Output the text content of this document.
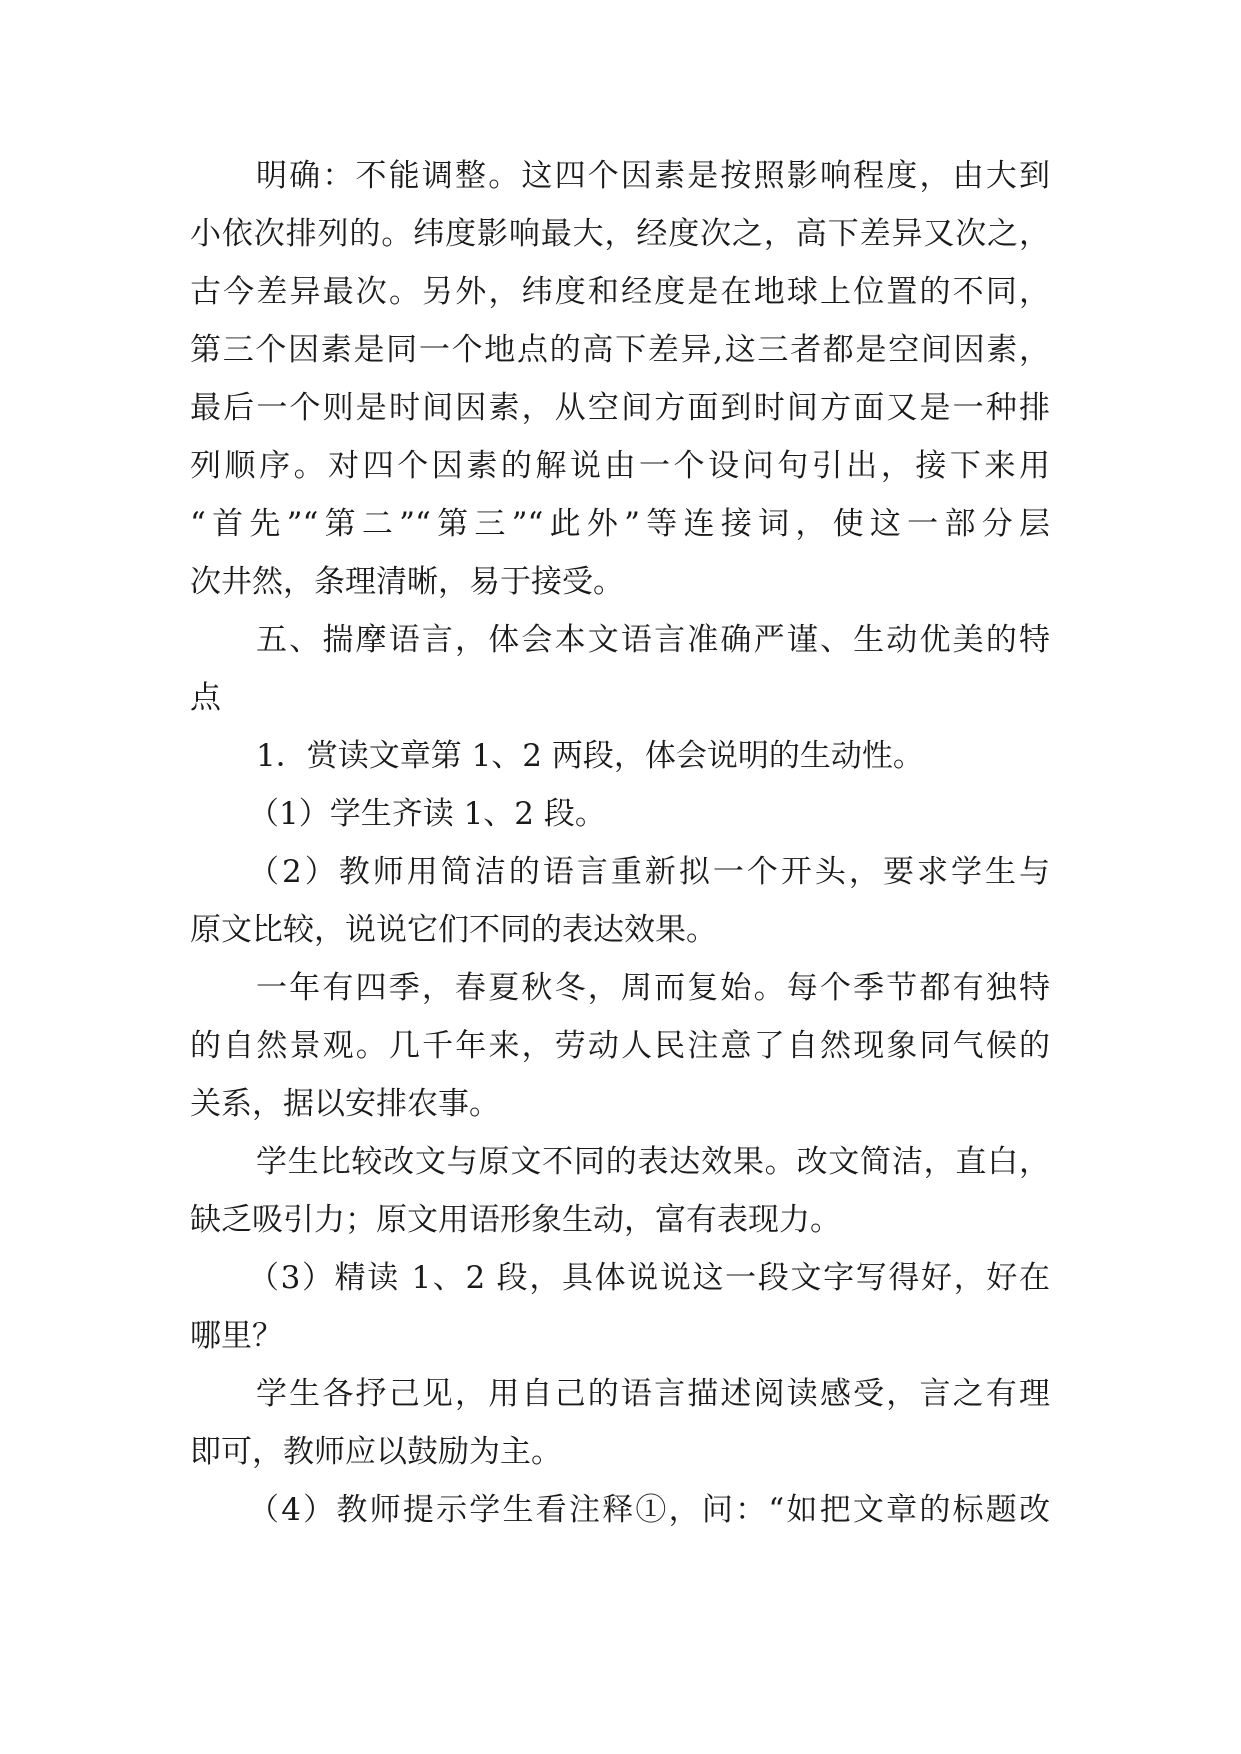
明确：不能调整。这四个因素是按照影响程度，由大到
小依次排列的。纬度影响最大，经度次之，高下差异又次之，
古今差异最次。另外，纬度和经度是在地球上位置的不同，
第三个因素是同一个地点的高下差异,这三者都是空间因素，
最后一个则是时间因素，从空间方面到时间方面又是一种排
列顺序。对四个因素的解说由一个设问句引出，接下来用
“首先”“第二”“第三”“此外”等连接词，使这一部分层
次井然，条理清晰，易于接受。
五、揣摩语言，体会本文语言准确严谨、生动优美的特
点
1．赏读文章第 1、2 两段，体会说明的生动性。
（1）学生齐读 1、2 段。
（2）教师用简洁的语言重新拟一个开头，要求学生与
原文比较，说说它们不同的表达效果。
一年有四季，春夏秋冬，周而复始。每个季节都有独特
的自然景观。几千年来，劳动人民注意了自然现象同气候的
关系，据以安排农事。
学生比较改文与原文不同的表达效果。改文简洁，直白，
缺乏吸引力；原文用语形象生动，富有表现力。
（3）精读 1、2 段，具体说说这一段文字写得好，好在
哪里？
学生各抒己见，用自己的语言描述阅读感受，言之有理
即可，教师应以鼓励为主。
（4）教师提示学生看注释①，问：“如把文章的标题改
